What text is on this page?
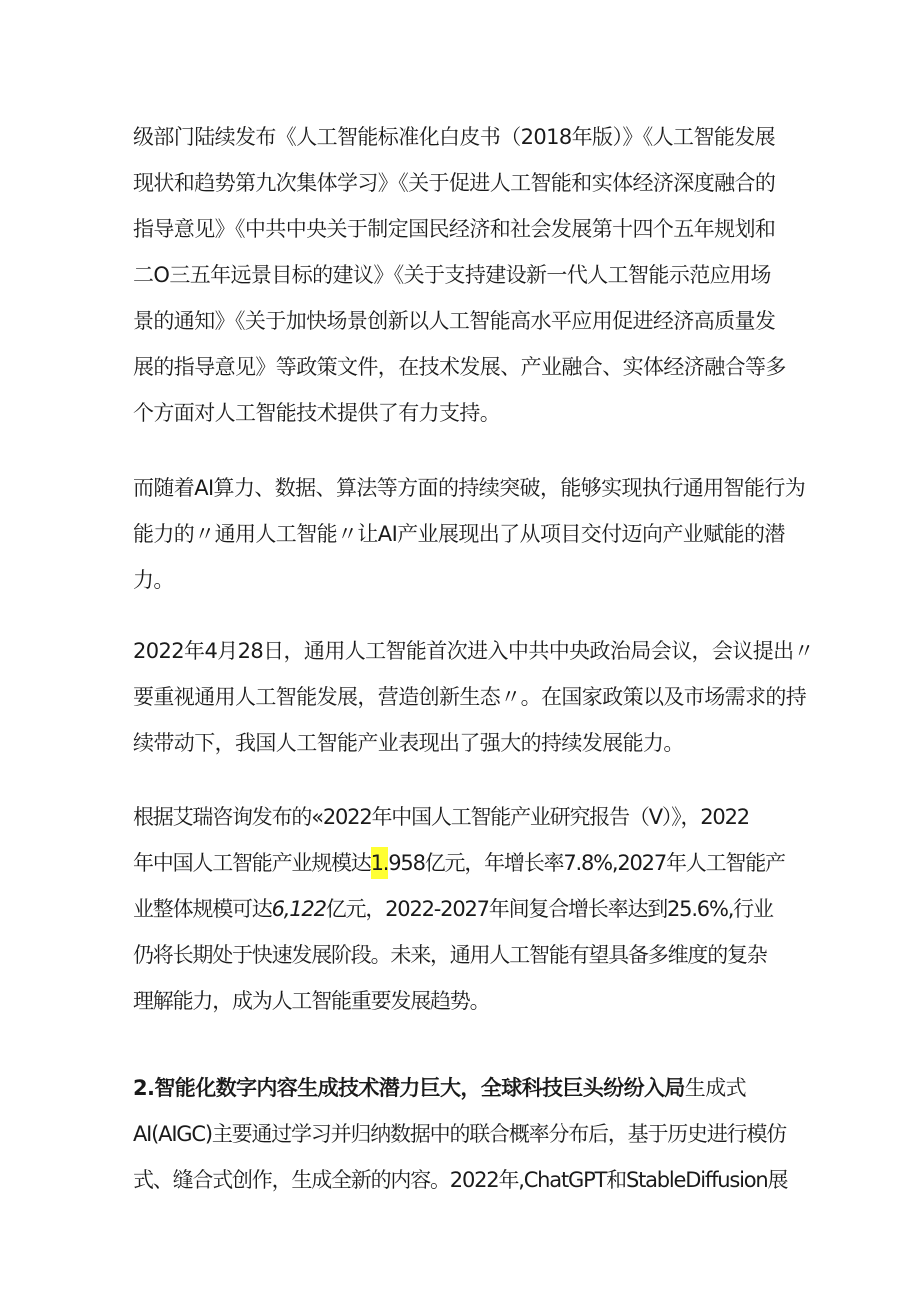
级部门陆续发布《人工智能标准化白皮书（2018年版）》《人工智能发展
现状和趋势第九次集体学习》《关于促进人工智能和实体经济深度融合的
指导意见》《中共中央关于制定国民经济和社会发展第十四个五年规划和
二O三五年远景目标的建议》《关于支持建设新一代人工智能示范应用场
景的通知》《关于加快场景创新以人工智能高水平应用促进经济高质量发
展的指导意见》等政策文件，在技术发展、产业融合、实体经济融合等多
个方面对人工智能技术提供了有力支持。
而随着AI算力、数据、算法等方面的持续突破，能够实现执行通用智能行为
能力的〃通用人工智能〃让AI产业展现出了从项目交付迈向产业赋能的潜
力。
2022年4月28日，通用人工智能首次进入中共中央政治局会议，会议提出〃
要重视通用人工智能发展，营造创新生态〃。在国家政策以及市场需求的持
续带动下，我国人工智能产业表现出了强大的持续发展能力。
根据艾瑞咨询发布的«2022年中国人工智能产业研究报告（V）》，2022
年中国人工智能产业规模达1.958亿元，年增长率7.8%,2027年人工智能产
业整体规模可达6,122亿元，2022-2027年间复合增长率达到25.6%,行业
仍将长期处于快速发展阶段。未来，通用人工智能有望具备多维度的复杂
理解能力，成为人工智能重要发展趋势。
2.智能化数字内容生成技术潜力巨大，全球科技巨头纷纷入局生成式
AI(AIGC)主要通过学习并归纳数据中的联合概率分布后，基于历史进行模仿
式、缝合式创作，生成全新的内容。2022年,ChatGPT和StableDiffusion展
